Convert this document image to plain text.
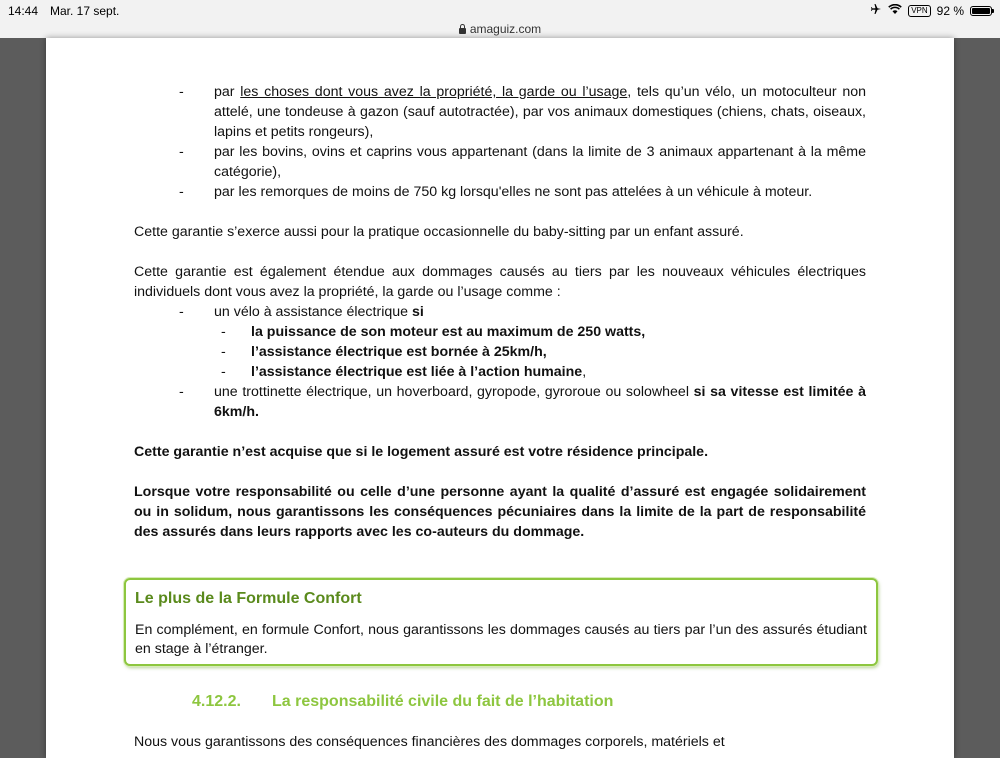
14:44 Mar. 17 sept.	VPN 92 %
amaguiz.com
- par les choses dont vous avez la propriété, la garde ou l’usage, tels qu’un vélo, un motoculteur non attelé, une tondeuse à gazon (sauf autotractée), par vos animaux domestiques (chiens, chats, oiseaux, lapins et petits rongeurs),
- par les bovins, ovins et caprins vous appartenant (dans la limite de 3 animaux appartenant à la même catégorie),
- par les remorques de moins de 750 kg lorsqu'elles ne sont pas attelées à un véhicule à moteur.
Cette garantie s’exerce aussi pour la pratique occasionnelle du baby-sitting par un enfant assuré.
Cette garantie est également étendue aux dommages causés au tiers par les nouveaux véhicules électriques individuels dont vous avez la propriété, la garde ou l’usage comme :
- un vélo à assistance électrique si
- la puissance de son moteur est au maximum de 250 watts,
- l’assistance électrique est bornée à 25km/h,
- l’assistance électrique est liée à l’action humaine,
- une trottinette électrique, un hoverboard, gyropode, gyroroue ou solowheel si sa vitesse est limitée à 6km/h.
Cette garantie n’est acquise que si le logement assuré est votre résidence principale.
Lorsque votre responsabilité ou celle d’une personne ayant la qualité d’assuré est engagée solidairement ou in solidum, nous garantissons les conséquences pécuniaires dans la limite de la part de responsabilité des assurés dans leurs rapports avec les co-auteurs du dommage.
Le plus de la Formule Confort
En complément, en formule Confort, nous garantissons les dommages causés au tiers par l’un des assurés étudiant en stage à l’étranger.
4.12.2. La responsabilité civile du fait de l’habitation
Nous vous garantissons des conséquences financières des dommages corporels, matériels et
